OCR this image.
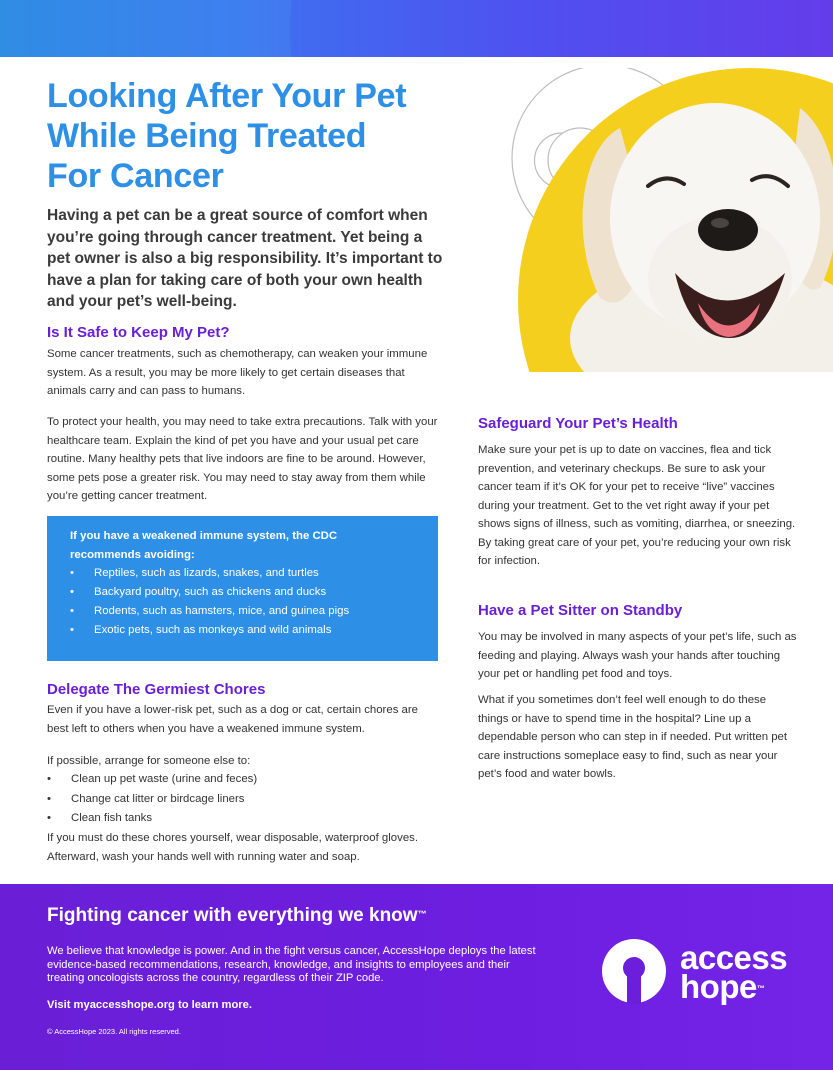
Looking After Your Pet
While Being Treated
For Cancer

Having a pet can be a great source of comfort when you’re going through cancer treatment. Yet being a pet owner is also a big responsibility. It’s important to have a plan for taking care of both your own health and your pet’s well-being.

Is It Safe to Keep My Pet?

Some cancer treatments, such as chemotherapy, can weaken your immune system. As a result, you may be more likely to get certain diseases that animals carry and can pass to humans.

To protect your health, you may need to take extra precautions. Talk with your healthcare team. Explain the kind of pet you have and your usual pet care routine. Many healthy pets that live indoors are fine to be around. However, some pets pose a greater risk. You may need to stay away from them while you’re getting cancer treatment.

If you have a weakened immune system, the CDC recommends avoiding:

• Reptiles, such as lizards, snakes, and turtles
• Backyard poultry, such as chickens and ducks
• Rodents, such as hamsters, mice, and guinea pigs
• Exotic pets, such as monkeys and wild animals
Delegate The Germiest Chores

Even if you have a lower-risk pet, such as a dog or cat, certain chores are best left to others when you have a weakened immune system.

If possible, arrange for someone else to:

• Clean up pet waste (urine and feces)
• Change cat litter or birdcage liners
• Clean fish tanks

If you must do these chores yourself, wear disposable, waterproof gloves. Afterward, wash your hands well with running water and soap.

Safeguard Your Pet’s Health

Make sure your pet is up to date on vaccines, flea and tick prevention, and veterinary checkups. Be sure to ask your cancer team if it’s OK for your pet to receive “live” vaccines during your treatment. Get to the vet right away if your pet shows signs of illness, such as vomiting, diarrhea, or sneezing. By taking great care of your pet, you’re reducing your own risk for infection.

Have a Pet Sitter on Standby

You may be involved in many aspects of your pet’s life, such as feeding and playing. Always wash your hands after touching your pet or handling pet food and toys.

What if you sometimes don’t feel well enough to do these things or have to spend time in the hospital? Line up a dependable person who can step in if needed. Put written pet care instructions someplace easy to find, such as near your pet’s food and water bowls.

Fighting cancer with everything we know™

We believe that knowledge is power. And in the fight versus cancer, AccessHope deploys the latest evidence-based recommendations, research, knowledge, and insights to employees and their treating oncologists across the country, regardless of their ZIP code.

Visit myaccesshope.org to learn more.

© AccessHope 2023. All rights reserved.

access
hope™
